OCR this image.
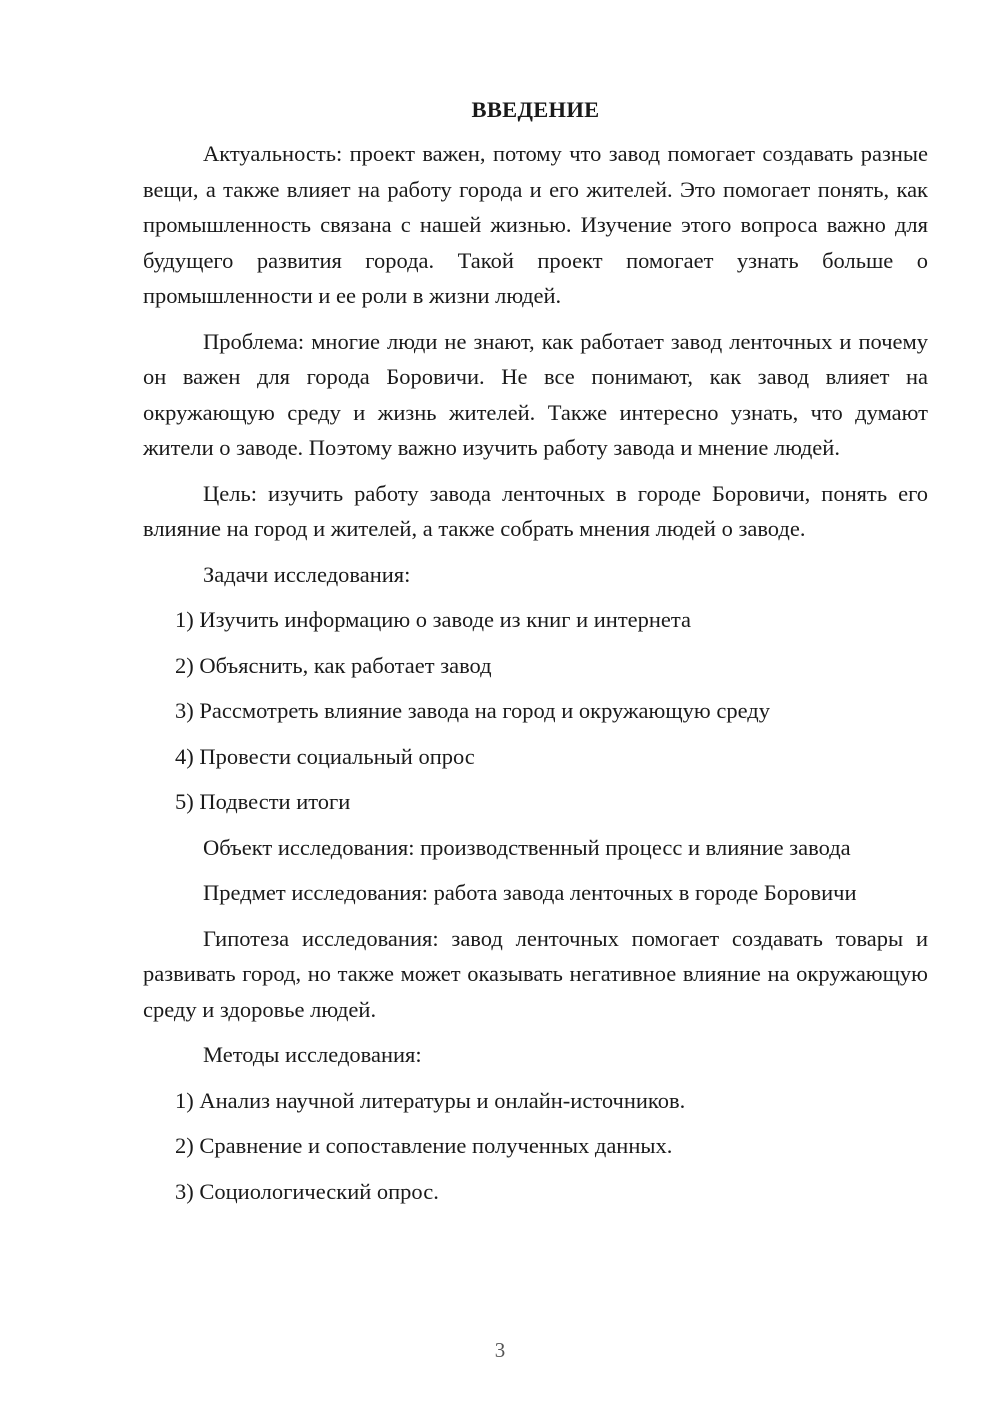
ВВЕДЕНИЕ

Актуальность: проект важен, потому что завод помогает создавать разные вещи, а также влияет на работу города и его жителей. Это помогает понять, как промышленность связана с нашей жизнью. Изучение этого вопроса важно для будущего развития города. Такой проект помогает узнать больше о промышленности и ее роли в жизни людей.

Проблема: многие люди не знают, как работает завод ленточных и почему он важен для города Боровичи. Не все понимают, как завод влияет на окружающую среду и жизнь жителей. Также интересно узнать, что думают жители о заводе. Поэтому важно изучить работу завода и мнение людей.

Цель: изучить работу завода ленточных в городе Боровичи, понять его влияние на город и жителей, а также собрать мнения людей о заводе.

Задачи исследования:

1) Изучить информацию о заводе из книг и интернета
2) Объяснить, как работает завод
3) Рассмотреть влияние завода на город и окружающую среду
4) Провести социальный опрос
5) Подвести итоги

Объект исследования: производственный процесс и влияние завода

Предмет исследования: работа завода ленточных в городе Боровичи

Гипотеза исследования: завод ленточных помогает создавать товары и развивать город, но также может оказывать негативное влияние на окружающую среду и здоровье людей.

Методы исследования:

1) Анализ научной литературы и онлайн-источников.
2) Сравнение и сопоставление полученных данных.
3) Социологический опрос.
3
